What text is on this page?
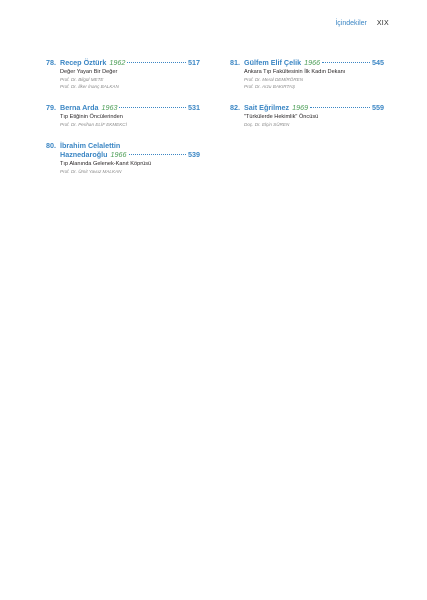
İçindekiler XIX
78. Recep Öztürk 1962	517
Değer Yayan Bir Değer
Prof. Dr. Bilgül METE
Prof. Dr. İlker İnanç BALKAN
79. Berna Arda 1963	531
Tıp Etiğinin Öncülerinden
Prof. Dr. Perihan ELİF EKMEKCİ
80. İbrahim Celalettin
Haznedaroğlu 1966	539
Tıp Alanında Gelenek-Kanıt Köprüsü
Prof. Dr. Ümit Yavuz MALKAN
81. Gülfem Elif Çelik 1966	545
Ankara Tıp Fakültesinin İlk Kadın Dekanı
Prof. Dr. Meral DEMİRÖREN
Prof. Dr. Arzu BAKIRTAŞ
82. Sait Eğrilmez 1969	559
"Türkülerde Hekimlik" Öncüsü
Doç. Dr. Elçin SÜREN
